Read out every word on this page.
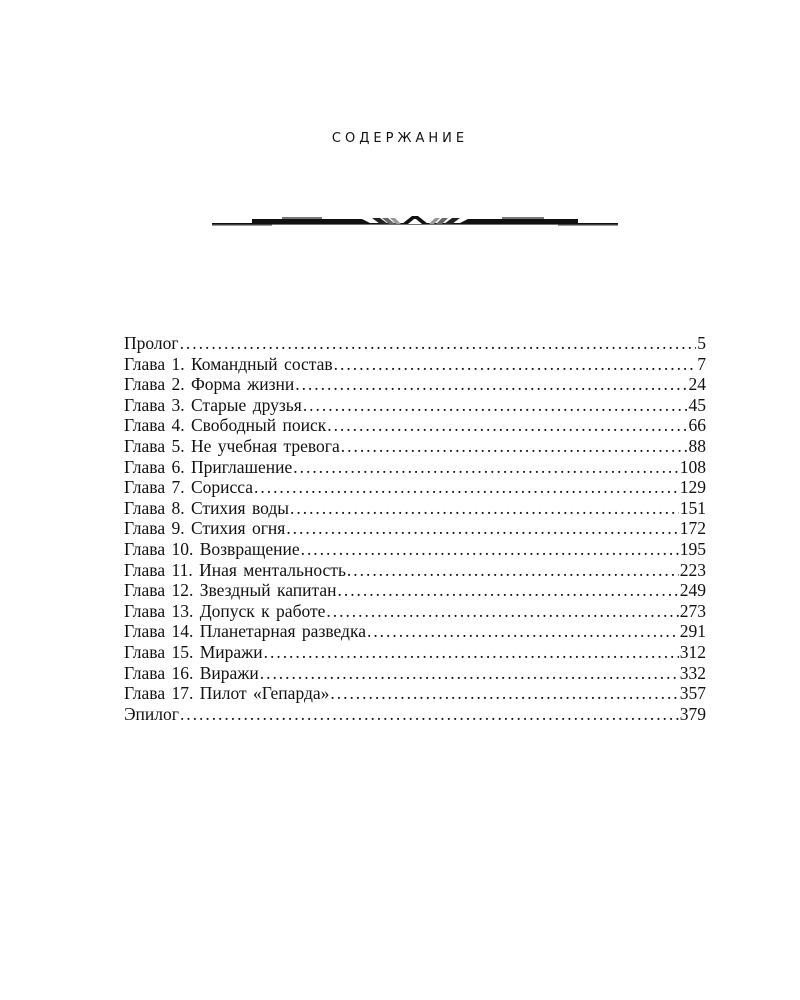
СОДЕРЖАНИЕ
Пролог . . .	5
Глава 1. Командный состав . . .	7
Глава 2. Форма жизни . . .	24
Глава 3. Старые друзья . . .	45
Глава 4. Свободный поиск . . .	66
Глава 5. Не учебная тревога . . .	88
Глава 6. Приглашение . . .	108
Глава 7. Сорисса . . .	129
Глава 8. Стихия воды . . .	151
Глава 9. Стихия огня . . .	172
Глава 10. Возвращение . . .	195
Глава 11. Иная ментальность . . .	223
Глава 12. Звездный капитан . . .	249
Глава 13. Допуск к работе . . .	273
Глава 14. Планетарная разведка . . .	291
Глава 15. Миражи . . .	312
Глава 16. Виражи . . .	332
Глава 17. Пилот «Гепарда» . . .	357
Эпилог . . .	379
